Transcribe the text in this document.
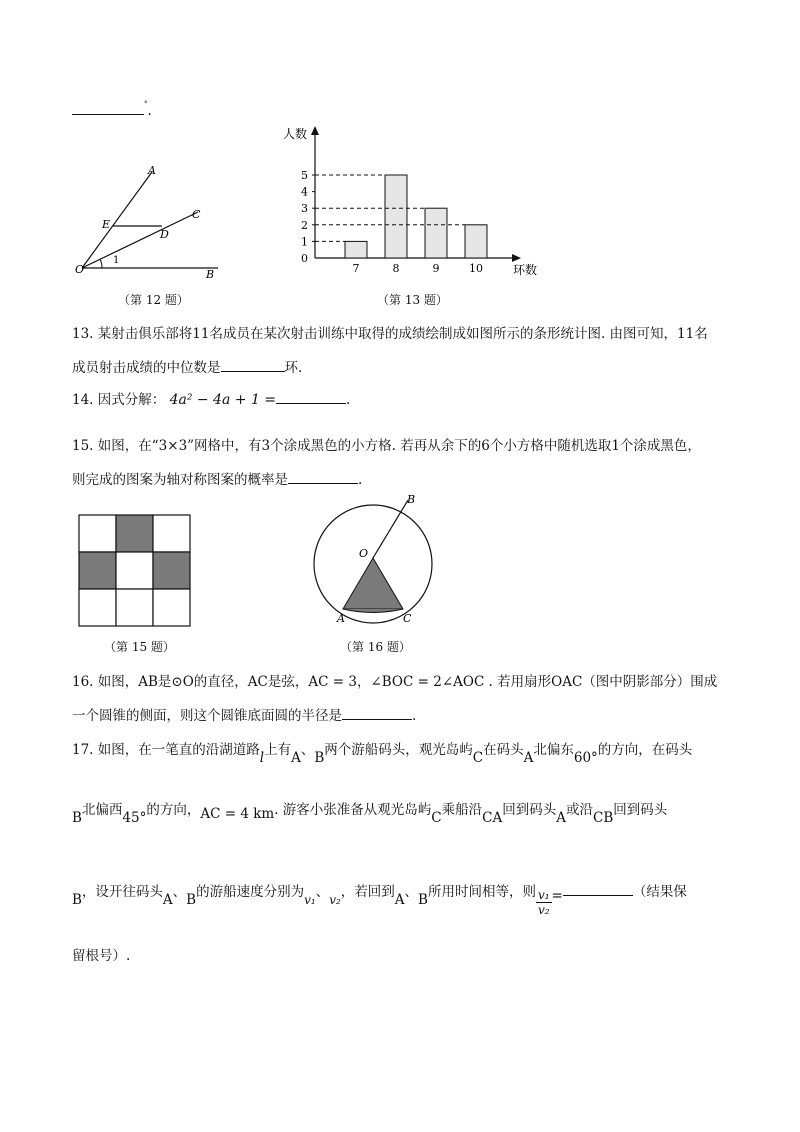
°.
A
C
E
D
O	B
1
（第 12 题）
人数
环数
0
1
2
3
4
5
7	8	9	10
（第 13 题）
13. 某射击俱乐部将11名成员在某次射击训练中取得的成绩绘制成如图所示的条形统计图. 由图可知，11名
成员射击成绩的中位数是	环.
14. 因式分解： 4a² − 4a + 1 =	.
15. 如图，在“3×3”网格中，有3个涂成黑色的小方格. 若再从余下的6个小方格中随机选取1个涂成黑色，
则完成的图案为轴对称图案的概率是	.
（第 15 题）
B
O
A	C
（第 16 题）
16. 如图，AB是⊙O的直径，AC是弦，AC = 3，∠BOC = 2∠AOC . 若用扇形OAC（图中阴影部分）围成
一个圆锥的侧面，则这个圆锥底面圆的半径是	.
17. 如图，在一笔直的沿湖道路l上有A、B两个游船码头，观光岛屿C在码头A北偏东60°的方向，在码头
B北偏西45°的方向，AC = 4 km. 游客小张准备从观光岛屿C乘船沿CA回到码头A或沿CB回到码头
B，设开往码头A、B的游船速度分别为v₁、v₂，若回到A、B所用时间相等，则 $\frac{\text{v₁}}{\text{v₂}}$ =	（结果保
留根号）.
